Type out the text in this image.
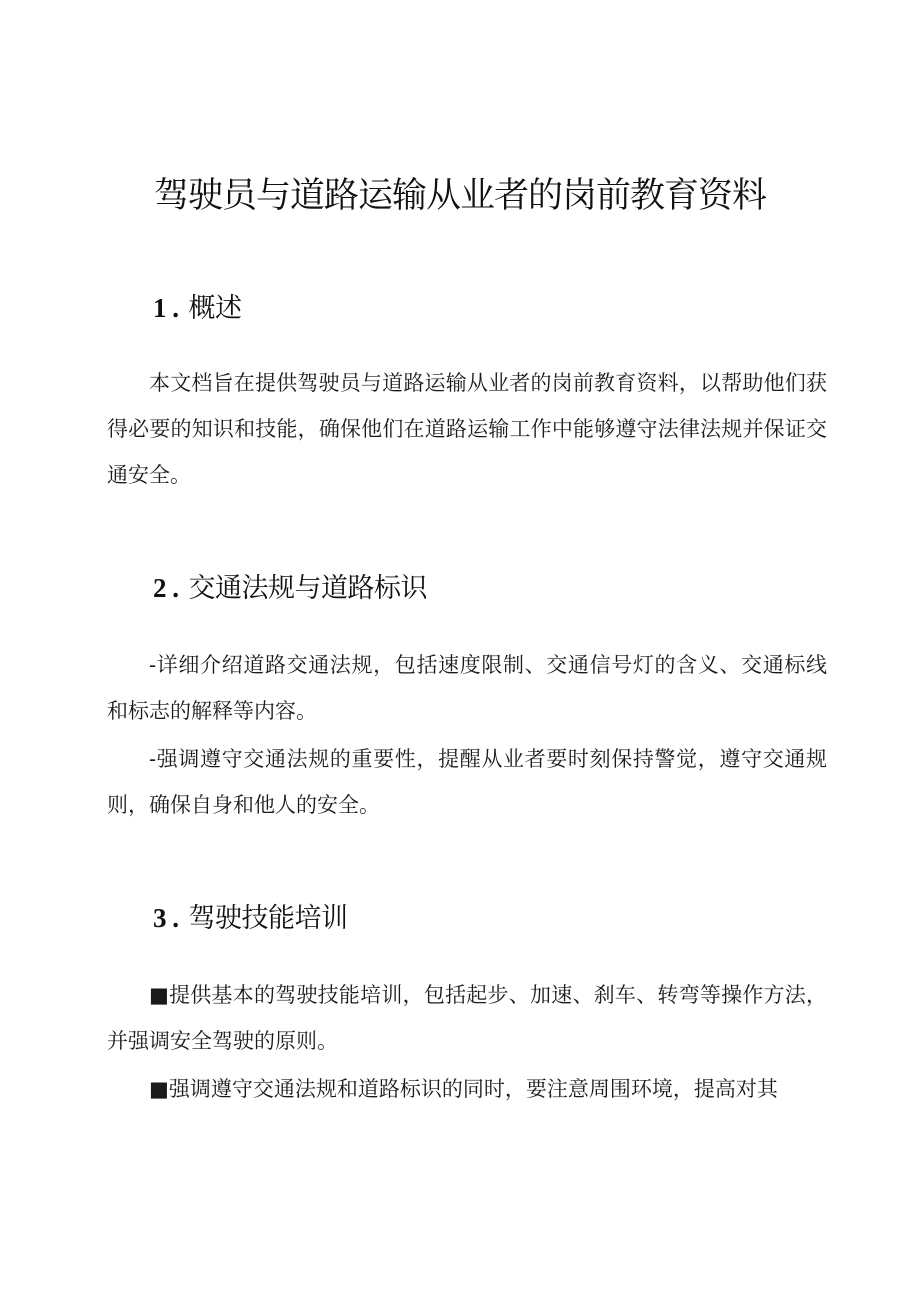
驾驶员与道路运输从业者的岗前教育资料
1 . 概述

本文档旨在提供驾驶员与道路运输从业者的岗前教育资料，以帮助他们获得必要的知识和技能，确保他们在道路运输工作中能够遵守法律法规并保证交通安全。

2 . 交通法规与道路标识

-详细介绍道路交通法规，包括速度限制、交通信号灯的含义、交通标线和标志的解释等内容。

-强调遵守交通法规的重要性，提醒从业者要时刻保持警觉，遵守交通规则，确保自身和他人的安全。

3 . 驾驶技能培训

■提供基本的驾驶技能培训，包括起步、加速、刹车、转弯等操作方法，并强调安全驾驶的原则。

■强调遵守交通法规和道路标识的同时，要注意周围环境，提高对其
